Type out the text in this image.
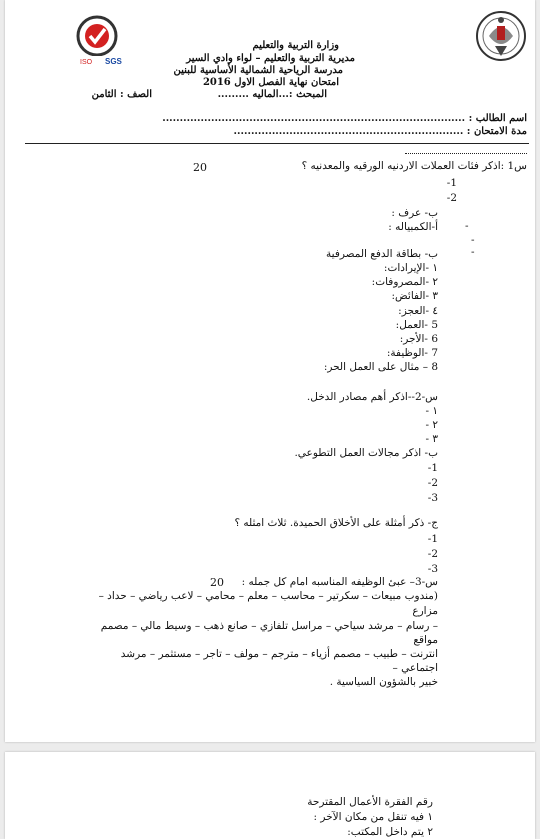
ISO SGS
وزارة التربية والتعليم
مديرية التربية والتعليم – لواء وادي السير
مدرسة الرياحية الشمالية الأساسية للبنين
امتحان نهاية الفصل الاول 2016
المبحث :...الماليه .........
الصف : الثامن
اسم الطالب : .......................................................................................
مدة الامتحان : ..................................................................
س1 :اذكر فئات العملات الاردنيه الورقيه والمعدنيه ؟
20
1-
2-
ب- عرف :
أ-الكمبياله :	-
-
-
ب- بطاقة الدفع المصرفية
١ -الإيرادات:
٢ -المصروفات:
٣ -الفائض:
٤ -العجز:
5 -العمل:
6 -الأجر:
7 -الوظيفة:
8 – مثال على العمل الحر:
س-2--اذكر أهم مصادر الدخل.
١ -
٢ -
٣ -
ب- اذكر مجالات العمل التطوعي.
1-
2-
3-
ج- ذكر أمثلة على الأخلاق الحميدة. ثلاث امثله ؟
1-
2-
3-
س-3– عبئ الوظيفه المناسبه امام كل جمله :
20
(مندوب مبيعات – سكرتير – محاسب – معلم – محامي – لاعب رياضي – حداد –
مزارع
– رسام – مرشد سياحي – مراسل تلفازي – صانع ذهب – وسيط مالي – مصمم
مواقع
انترنت – طبيب – مصمم أزياء – مترجم – مولف – تاجر – مستثمر – مرشد
اجتماعي –
خبير بالشؤون السياسية .
رقم الفقرة الأعمال المقترحة
١ فيه تنقل من مكان الآخر :
٢ يتم داخل المكتب:
